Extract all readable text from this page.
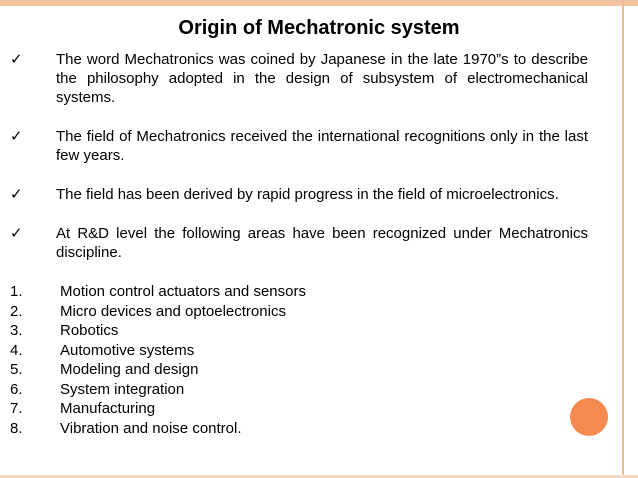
Origin of Mechatronic system
✓ The word Mechatronics was coined by Japanese in the late 1970”s to describe the philosophy adopted in the design of subsystem of electromechanical systems.
✓ The field of Mechatronics received the international recognitions only in the last few years.
✓ The field has been derived by rapid progress in the field of microelectronics.
✓ At R&D level the following areas have been recognized under Mechatronics discipline.
1. Motion control actuators and sensors
2. Micro devices and optoelectronics
3. Robotics
4. Automotive systems
5. Modeling and design
6. System integration
7. Manufacturing
8. Vibration and noise control.
